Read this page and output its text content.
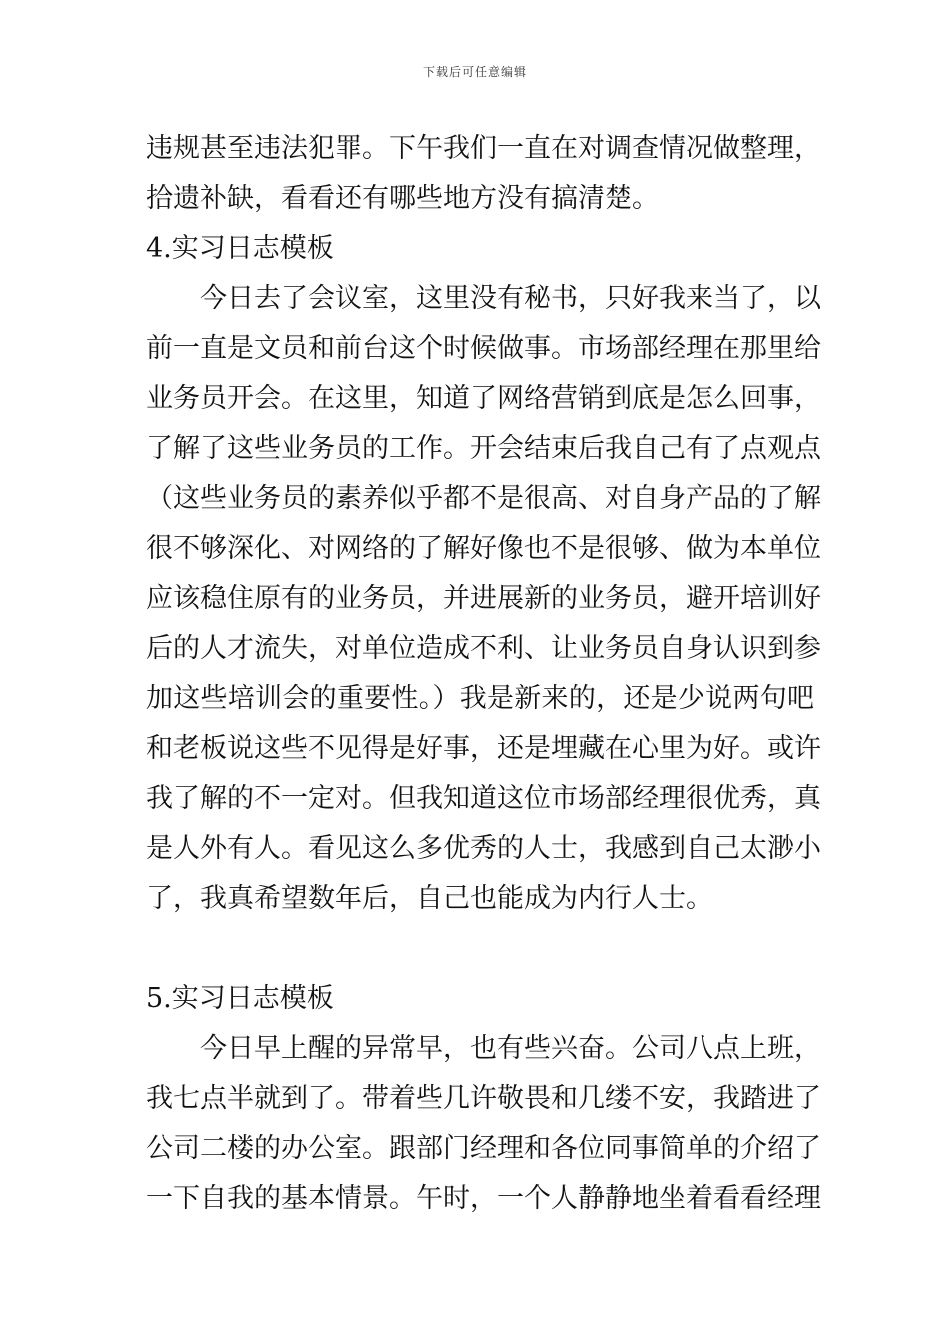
下载后可任意编辑
违规甚至违法犯罪。下午我们一直在对调查情况做整理，
拾遗补缺，看看还有哪些地方没有搞清楚。
4.实习日志模板
今日去了会议室，这里没有秘书，只好我来当了，以
前一直是文员和前台这个时候做事。市场部经理在那里给
业务员开会。在这里，知道了网络营销到底是怎么回事，
了解了这些业务员的工作。开会结束后我自己有了点观点
（这些业务员的素养似乎都不是很高、对自身产品的了解
很不够深化、对网络的了解好像也不是很够、做为本单位
应该稳住原有的业务员，并进展新的业务员，避开培训好
后的人才流失，对单位造成不利、让业务员自身认识到参
加这些培训会的重要性。）我是新来的，还是少说两句吧
和老板说这些不见得是好事，还是埋藏在心里为好。或许
我了解的不一定对。但我知道这位市场部经理很优秀，真
是人外有人。看见这么多优秀的人士，我感到自己太渺小
了，我真希望数年后，自己也能成为内行人士。
5.实习日志模板
今日早上醒的异常早，也有些兴奋。公司八点上班，
我七点半就到了。带着些几许敬畏和几缕不安，我踏进了
公司二楼的办公室。跟部门经理和各位同事简单的介绍了
一下自我的基本情景。午时，一个人静静地坐着看看经理
